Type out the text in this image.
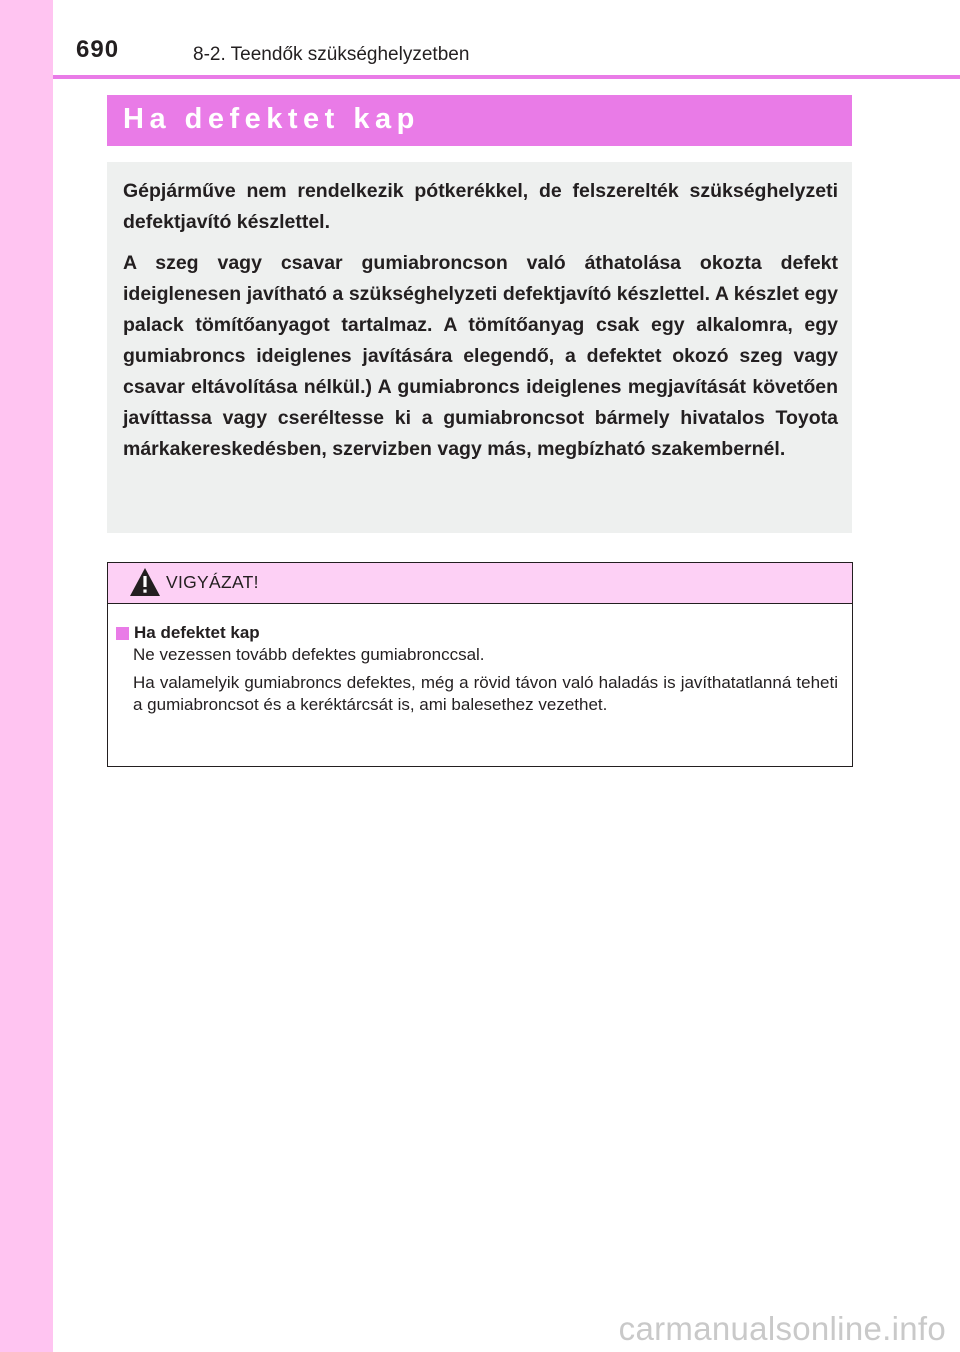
690	8-2. Teendők szükséghelyzetben
Ha defektet kap

Gépjárműve nem rendelkezik pótkerékkel, de felszerelték szükséghelyzeti defektjavító készlettel.

A szeg vagy csavar gumiabroncson való áthatolása okozta defekt ideiglenesen javítható a szükséghelyzeti defektjavító készlettel. A készlet egy palack tömítőanyagot tartalmaz. A tömítőanyag csak egy alkalomra, egy gumiabroncs ideiglenes javítására elegendő, a defektet okozó szeg vagy csavar eltávolítása nélkül.) A gumiabroncs ideiglenes megjavítását követően javíttassa vagy cseréltesse ki a gumiabroncsot bármely hivatalos Toyota márkakereskedésben, szervizben vagy más, megbízható szakembernél.

VIGYÁZAT!
Ha defektet kap

Ne vezessen tovább defektes gumiabronccsal.

Ha valamelyik gumiabroncs defektes, még a rövid távon való haladás is javíthatatlanná teheti a gumiabroncsot és a keréktárcsát is, ami balesethez vezethet.

carmanualsonline.info
